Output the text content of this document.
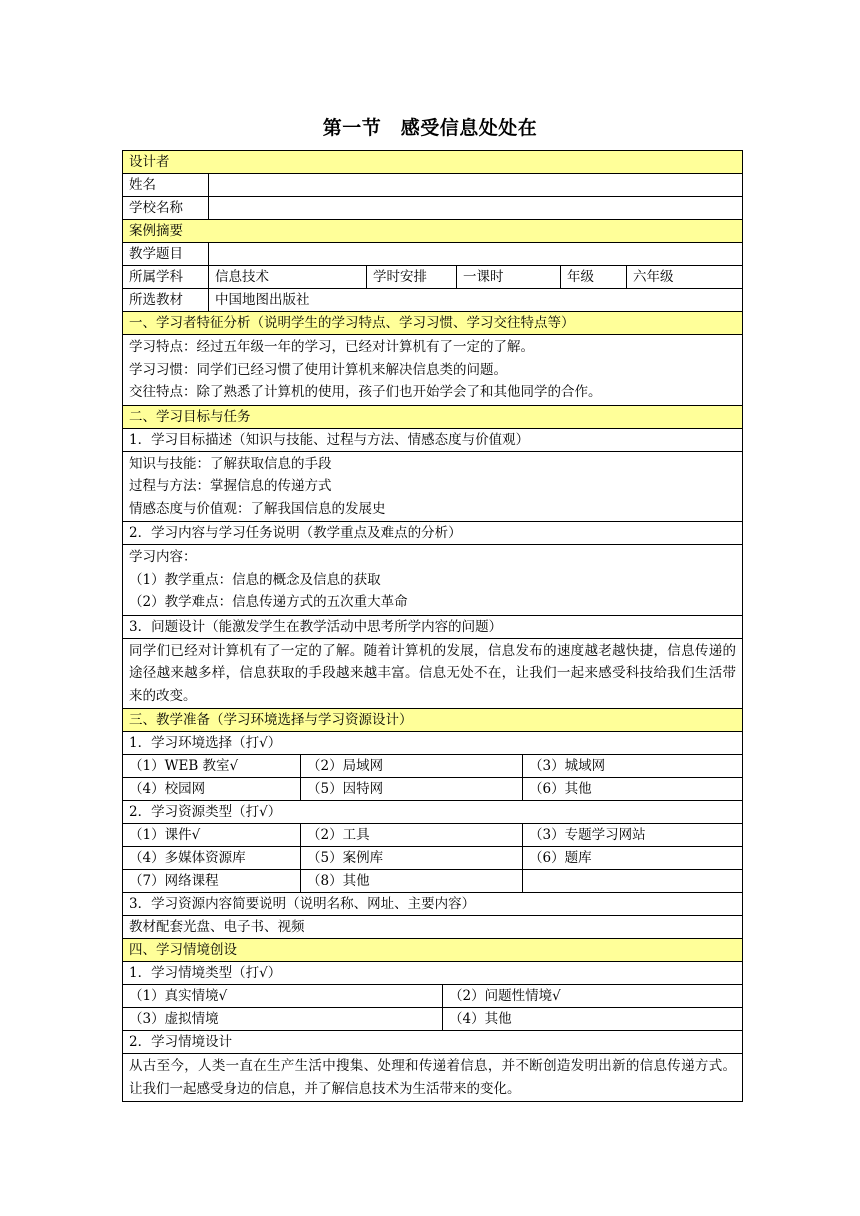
第一节　感受信息处处在
设计者
姓名
学校名称
案例摘要
教学题目
所属学科	信息技术	学时安排	一课时	年级	六年级
所选教材	中国地图出版社
一、学习者特征分析（说明学生的学习特点、学习习惯、学习交往特点等）

学习特点：经过五年级一年的学习，已经对计算机有了一定的了解。

学习习惯：同学们已经习惯了使用计算机来解决信息类的问题。

交往特点：除了熟悉了计算机的使用，孩子们也开始学会了和其他同学的合作。

二、学习目标与任务
1．学习目标描述（知识与技能、过程与方法、情感态度与价值观）

知识与技能：了解获取信息的手段

过程与方法：掌握信息的传递方式

情感态度与价值观：了解我国信息的发展史

2．学习内容与学习任务说明（教学重点及难点的分析）

学习内容：

（1）教学重点：信息的概念及信息的获取

（2）教学难点：信息传递方式的五次重大革命

3．问题设计（能激发学生在教学活动中思考所学内容的问题）
同学们已经对计算机有了一定的了解。随着计算机的发展，信息发布的速度越老越快捷，信息传递的途径越来越多样，信息获取的手段越来越丰富。信息无处不在，让我们一起来感受科技给我们生活带来的改变。
三、教学准备（学习环境选择与学习资源设计）
1．学习环境选择（打√）
（1）WEB 教室√	（2）局域网	（3）城域网
（4）校园网	（5）因特网	（6）其他
2．学习资源类型（打√）
（1）课件√	（2）工具	（3）专题学习网站
（4）多媒体资源库	（5）案例库	（6）题库
（7）网络课程	（8）其他
3．学习资源内容简要说明（说明名称、网址、主要内容）
教材配套光盘、电子书、视频
四、学习情境创设
1．学习情境类型（打√）
（1）真实情境√	（2）问题性情境√
（3）虚拟情境	（4）其他
2．学习情境设计
从古至今，人类一直在生产生活中搜集、处理和传递着信息，并不断创造发明出新的信息传递方式。让我们一起感受身边的信息，并了解信息技术为生活带来的变化。
